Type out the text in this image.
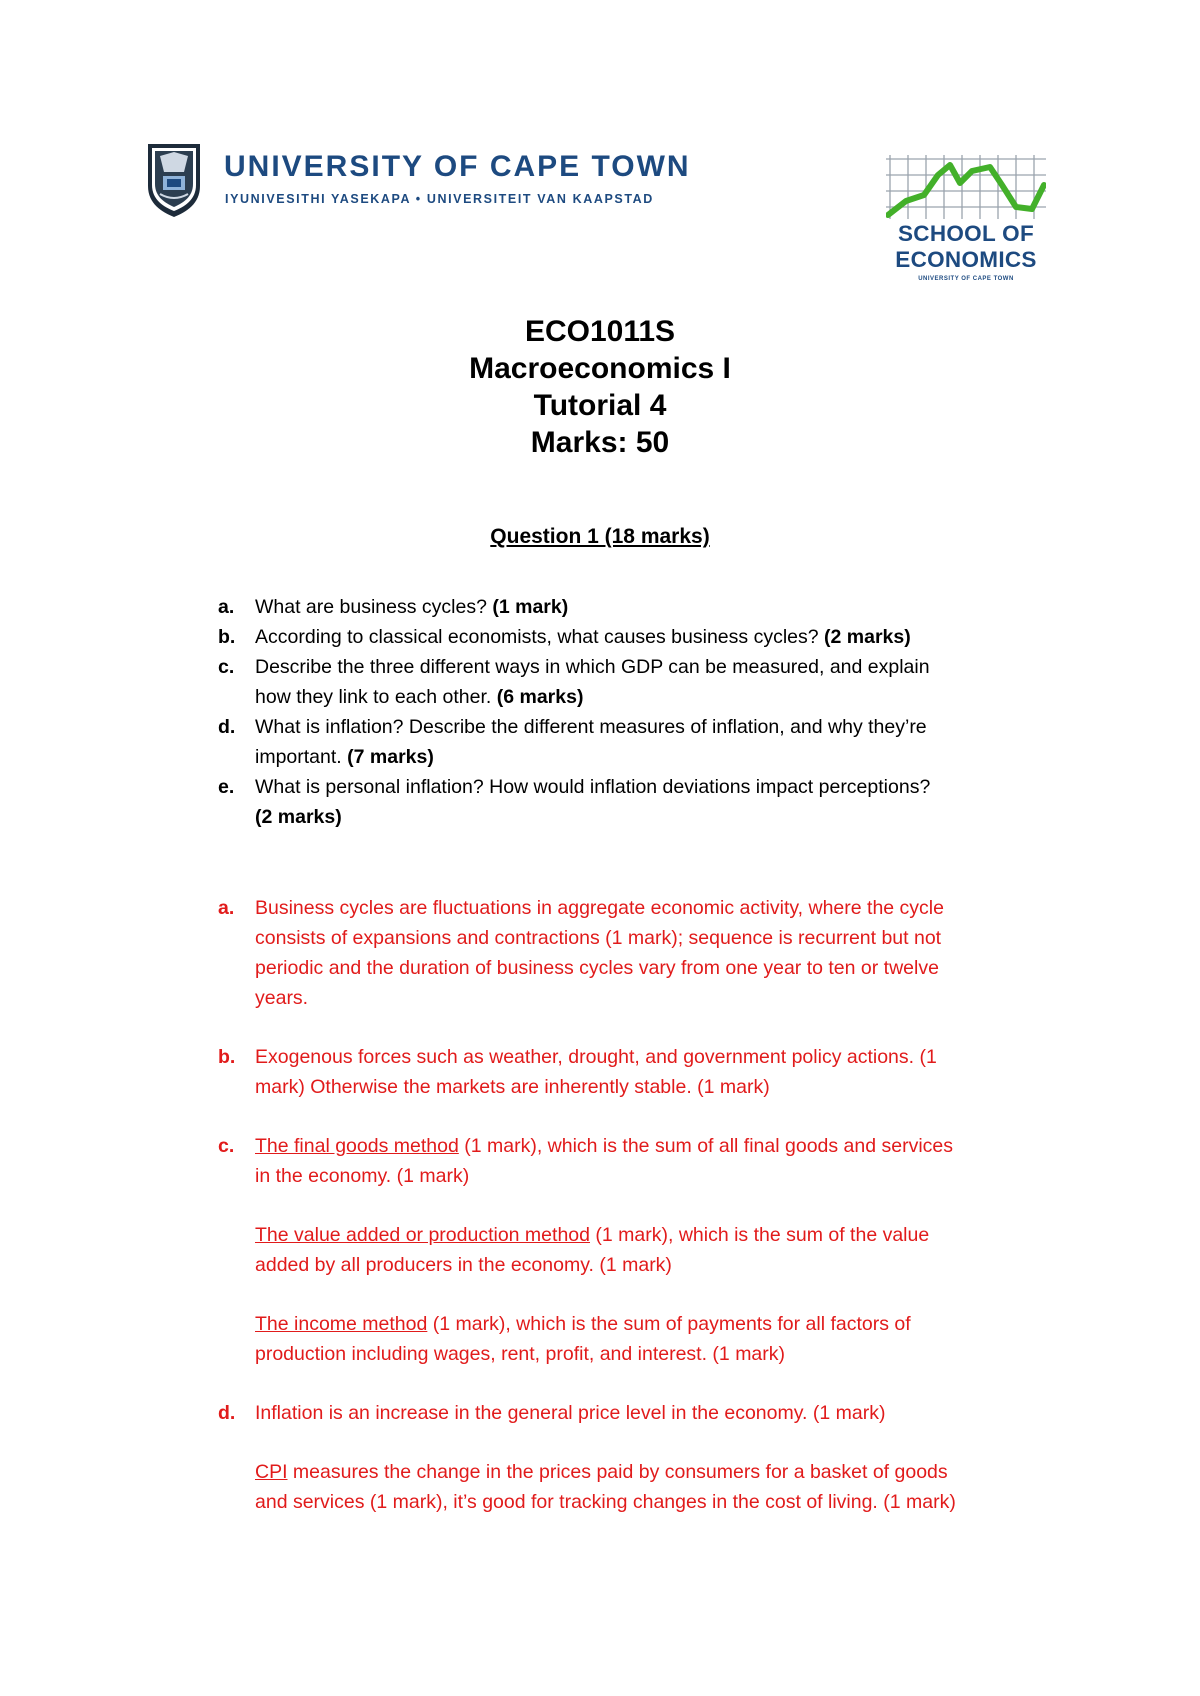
UNIVERSITY OF CAPE TOWN
IYUNIVESITHI YASEKAPA • UNIVERSITEIT VAN KAAPSTAD
SCHOOL OF
ECONOMICS
UNIVERSITY OF CAPE TOWN
ECO1011S
Macroeconomics I
Tutorial 4
Marks: 50
Question 1 (18 marks)
a. What are business cycles? (1 mark)
b. According to classical economists, what causes business cycles? (2 marks)
c. Describe the three different ways in which GDP can be measured, and explain
how they link to each other. (6 marks)
d. What is inflation? Describe the different measures of inflation, and why they’re
important. (7 marks)
e. What is personal inflation? How would inflation deviations impact perceptions?
(2 marks)
a. Business cycles are fluctuations in aggregate economic activity, where the cycle
consists of expansions and contractions (1 mark); sequence is recurrent but not
periodic and the duration of business cycles vary from one year to ten or twelve
years.
b. Exogenous forces such as weather, drought, and government policy actions. (1
mark) Otherwise the markets are inherently stable. (1 mark)
c. The final goods method (1 mark), which is the sum of all final goods and services
in the economy. (1 mark)
The value added or production method (1 mark), which is the sum of the value
added by all producers in the economy. (1 mark)
The income method (1 mark), which is the sum of payments for all factors of
production including wages, rent, profit, and interest. (1 mark)
d. Inflation is an increase in the general price level in the economy. (1 mark)
CPI measures the change in the prices paid by consumers for a basket of goods
and services (1 mark), it’s good for tracking changes in the cost of living. (1 mark)
